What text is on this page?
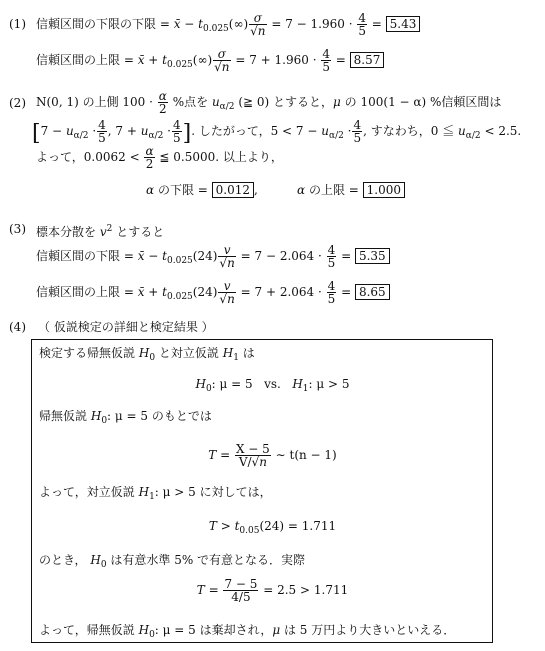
(1) 信頼区間の下限の下限 = x̄ − $t_{0.025}(\infty) \frac{\sigma}{√n} = 7 - 1.960 \cdot \frac{4}{5} = 5.43$
信頼区間の上限 = x̄ + $t_{0.025}(\infty) \frac{\sigma}{√n} = 7 + 1.960 \cdot \frac{4}{5} = 8.57$
(2) N(0, 1) の上側 $100 \cdot \frac{\alpha}{2}$ %点を $u_{\alpha/2}$ (≧ 0) とすると，μ の 100(1 − α) %信頼区間は
[$7 - u_{\alpha/2} \cdot \frac{4}{5}$ , $7 + u_{\alpha/2} \cdot \frac{4}{5}$ ]. したがって，$5 < 7 - u_{\alpha/2} \cdot \frac{4}{5}$ , すなわち，0 ≦ $u_{\alpha/2} < 2.5$.
よって，$0.0062 < \frac{\alpha}{2}$ ≦ 0.5000. 以上より，
α の下限 = 0.012 ,	α の上限 = 1.000
(3) 標本分散を $v^2$ とすると
信頼区間の下限 = x̄ − $t_{0.025}(24) \frac{v}{√n} = 7 - 2.064 \cdot \frac{4}{5} = 5.35$
信頼区間の上限 = x̄ + $t_{0.025}(24) \frac{v}{√n} = 7 + 2.064 \cdot \frac{4}{5} = 8.65$
(4) （ 仮説検定の詳細と検定結果 ）
検定する帰無仮説 $H_0$ と対立仮説 $H_1$ は
$H_0$: μ = 5 vs. $H_1$: μ > 5
帰無仮説 $H_0$: μ = 5 のもとでは
$T = \frac{X - 5}{V/√n}$ ∼ t(n − 1)
よって，対立仮説 $H_1$: μ > 5 に対しては，
$T > t_{0.05}(24) = 1.711$
のとき， $H_0$ は有意水準 5% で有意となる．実際
$T = \frac{7 - 5}{4/5} = 2.5 > 1.711$
よって，帰無仮説 $H_0$: μ = 5 は棄却され，μ は 5 万円より大きいといえる．
